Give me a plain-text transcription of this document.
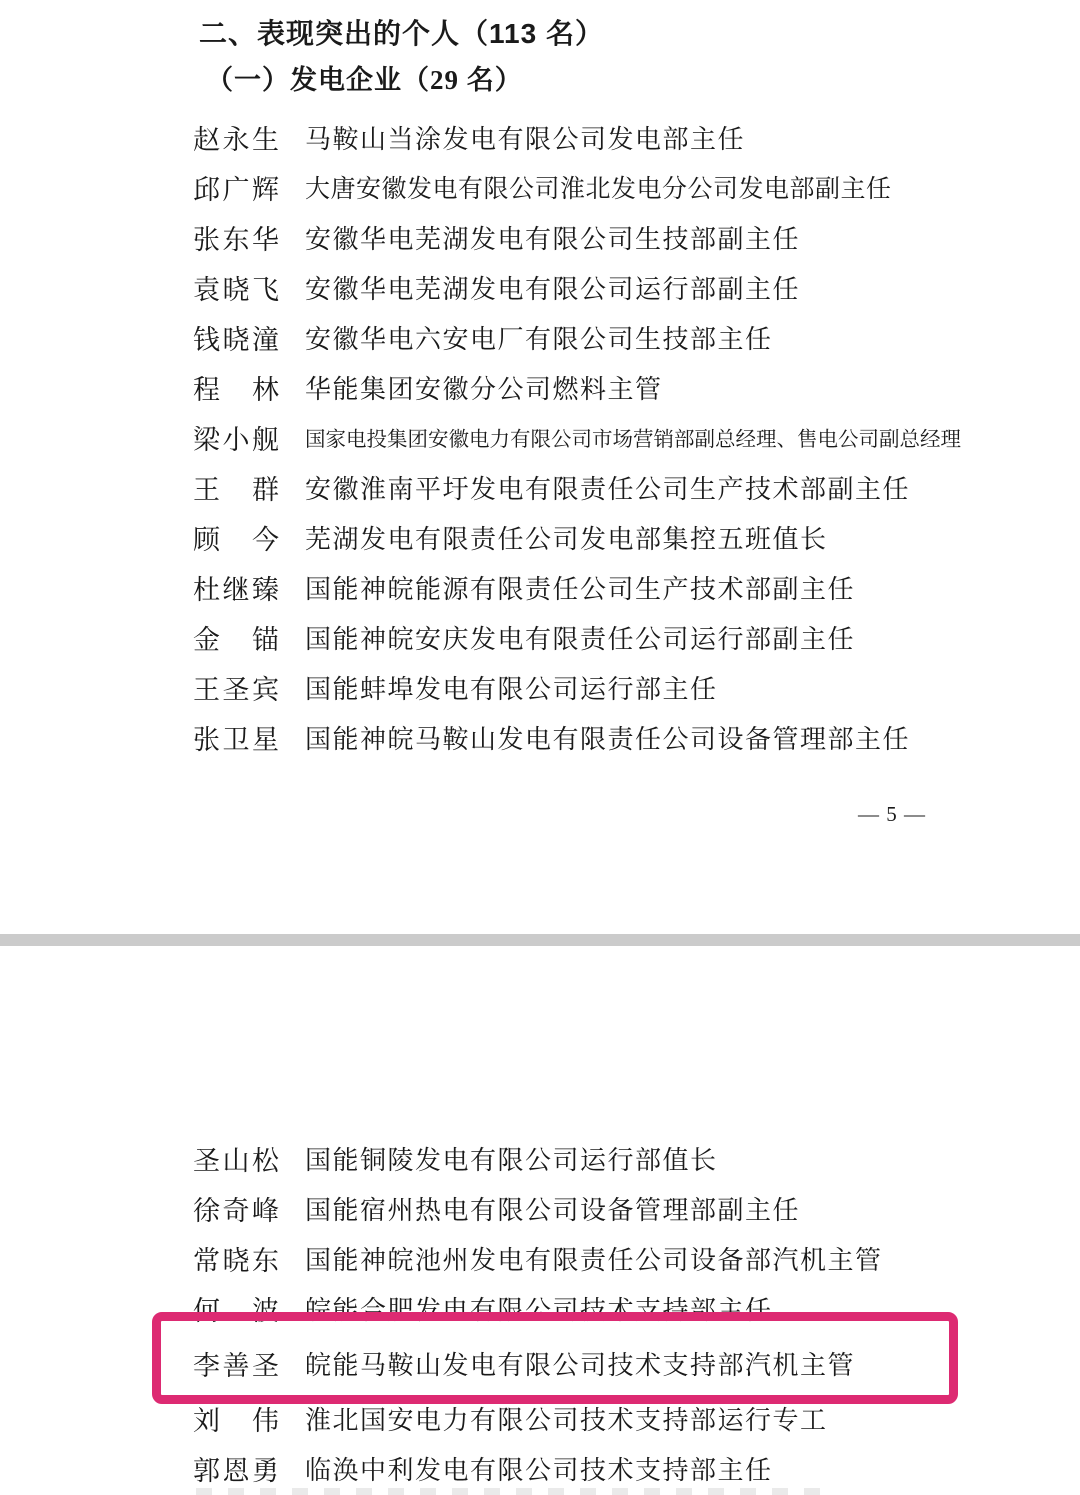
二、表现突出的个人（113 名）
（一）发电企业（29 名）
赵永生 马鞍山当涂发电有限公司发电部主任
邱广辉 大唐安徽发电有限公司淮北发电分公司发电部副主任
张东华 安徽华电芜湖发电有限公司生技部副主任
袁晓飞 安徽华电芜湖发电有限公司运行部副主任
钱晓潼 安徽华电六安电厂有限公司生技部主任
程　林 华能集团安徽分公司燃料主管
梁小舰 国家电投集团安徽电力有限公司市场营销部副总经理、售电公司副总经理
王　群 安徽淮南平圩发电有限责任公司生产技术部副主任
顾　今 芜湖发电有限责任公司发电部集控五班值长
杜继臻 国能神皖能源有限责任公司生产技术部副主任
金　锚 国能神皖安庆发电有限责任公司运行部副主任
王圣宾 国能蚌埠发电有限公司运行部主任
张卫星 国能神皖马鞍山发电有限责任公司设备管理部主任
— 5 —
圣山松 国能铜陵发电有限公司运行部值长
徐奇峰 国能宿州热电有限公司设备管理部副主任
常晓东 国能神皖池州发电有限责任公司设备部汽机主管
何　波 皖能合肥发电有限公司技术支持部主任
李善圣 皖能马鞍山发电有限公司技术支持部汽机主管
刘　伟 淮北国安电力有限公司技术支持部运行专工
郭恩勇 临涣中利发电有限公司技术支持部主任
